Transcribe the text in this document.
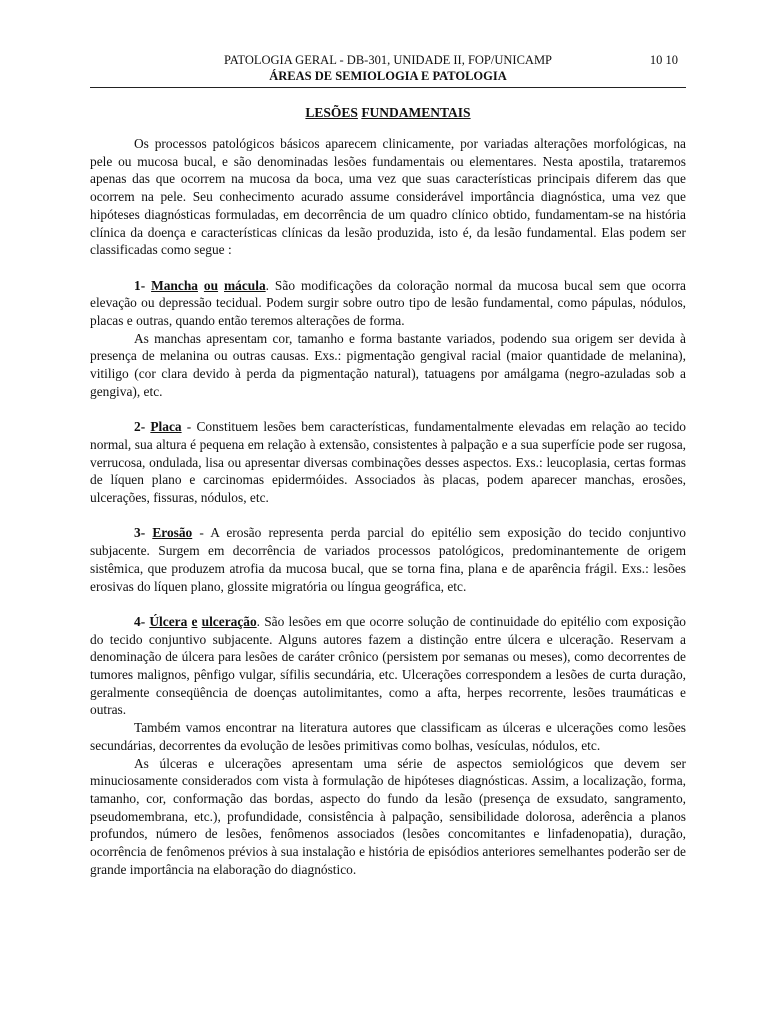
PATOLOGIA GERAL - DB-301, UNIDADE II, FOP/UNICAMP	10 10
ÁREAS DE SEMIOLOGIA E PATOLOGIA
LESÕES FUNDAMENTAIS

Os processos patológicos básicos aparecem clinicamente, por variadas alterações morfológicas, na pele ou mucosa bucal, e são denominadas lesões fundamentais ou elementares. Nesta apostila, trataremos apenas das que ocorrem na mucosa da boca, uma vez que suas características principais diferem das que ocorrem na pele. Seu conhecimento acurado assume considerável importância diagnóstica, uma vez que hipóteses diagnósticas formuladas, em decorrência de um quadro clínico obtido, fundamentam-se na história clínica da doença e características clínicas da lesão produzida, isto é, da lesão fundamental. Elas podem ser classificadas como segue :

1- Mancha ou mácula. São modificações da coloração normal da mucosa bucal sem que ocorra elevação ou depressão tecidual. Podem surgir sobre outro tipo de lesão fundamental, como pápulas, nódulos, placas e outras, quando então teremos alterações de forma.

As manchas apresentam cor, tamanho e forma bastante variados, podendo sua origem ser devida à presença de melanina ou outras causas. Exs.: pigmentação gengival racial (maior quantidade de melanina), vitiligo (cor clara devido à perda da pigmentação natural), tatuagens por amálgama (negro-azuladas sob a gengiva), etc.

2- Placa - Constituem lesões bem características, fundamentalmente elevadas em relação ao tecido normal, sua altura é pequena em relação à extensão, consistentes à palpação e a sua superfície pode ser rugosa, verrucosa, ondulada, lisa ou apresentar diversas combinações desses aspectos. Exs.: leucoplasia, certas formas de líquen plano e carcinomas epidermóides. Associados às placas, podem aparecer manchas, erosões, ulcerações, fissuras, nódulos, etc.

3- Erosão - A erosão representa perda parcial do epitélio sem exposição do tecido conjuntivo subjacente. Surgem em decorrência de variados processos patológicos, predominantemente de origem sistêmica, que produzem atrofia da mucosa bucal, que se torna fina, plana e de aparência frágil. Exs.: lesões erosivas do líquen plano, glossite migratória ou língua geográfica, etc.

4- Úlcera e ulceração. São lesões em que ocorre solução de continuidade do epitélio com exposição do tecido conjuntivo subjacente. Alguns autores fazem a distinção entre úlcera e ulceração. Reservam a denominação de úlcera para lesões de caráter crônico (persistem por semanas ou meses), como decorrentes de tumores malignos, pênfigo vulgar, sífilis secundária, etc. Ulcerações correspondem a lesões de curta duração, geralmente conseqüência de doenças autolimitantes, como a afta, herpes recorrente, lesões traumáticas e outras.

Também vamos encontrar na literatura autores que classificam as úlceras e ulcerações como lesões secundárias, decorrentes da evolução de lesões primitivas como bolhas, vesículas, nódulos, etc.

As úlceras e ulcerações apresentam uma série de aspectos semiológicos que devem ser minuciosamente considerados com vista à formulação de hipóteses diagnósticas. Assim, a localização, forma, tamanho, cor, conformação das bordas, aspecto do fundo da lesão (presença de exsudato, sangramento, pseudomembrana, etc.), profundidade, consistência à palpação, sensibilidade dolorosa, aderência a planos profundos, número de lesões, fenômenos associados (lesões concomitantes e linfadenopatia), duração, ocorrência de fenômenos prévios à sua instalação e história de episódios anteriores semelhantes poderão ser de grande importância na elaboração do diagnóstico.
